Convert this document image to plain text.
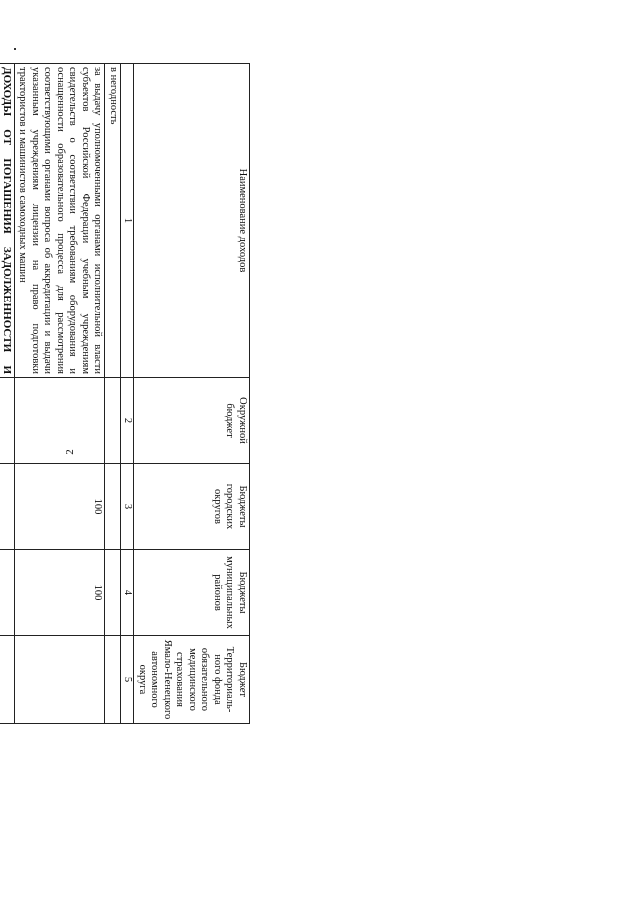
2
Наименование доходов	Окружной бюджет	Бюджеты городских округов	Бюджеты муниципальных районов	Бюджет Территориаль-ного фонда обязательного медицинского страхования Ямало-Ненецкого автономного округа	
1	2	3	4	5	
в негодность					
за выдачу уполномоченными органами исполнительной власти субъектов Российской Федерации учебным учреждениям свидетельств о соответствии требованиям оборудования и оснащенности образовательного процесса для рассмотрения соответствующими органами вопроса об аккредитации и выдачи указанным учреждениям лицензии на право подготовки трактористов и машинистов самоходных машин		100	100		
ДОХОДЫ ОТ ПОГАШЕНИЯ ЗАДОЛЖЕННОСТИ И					
